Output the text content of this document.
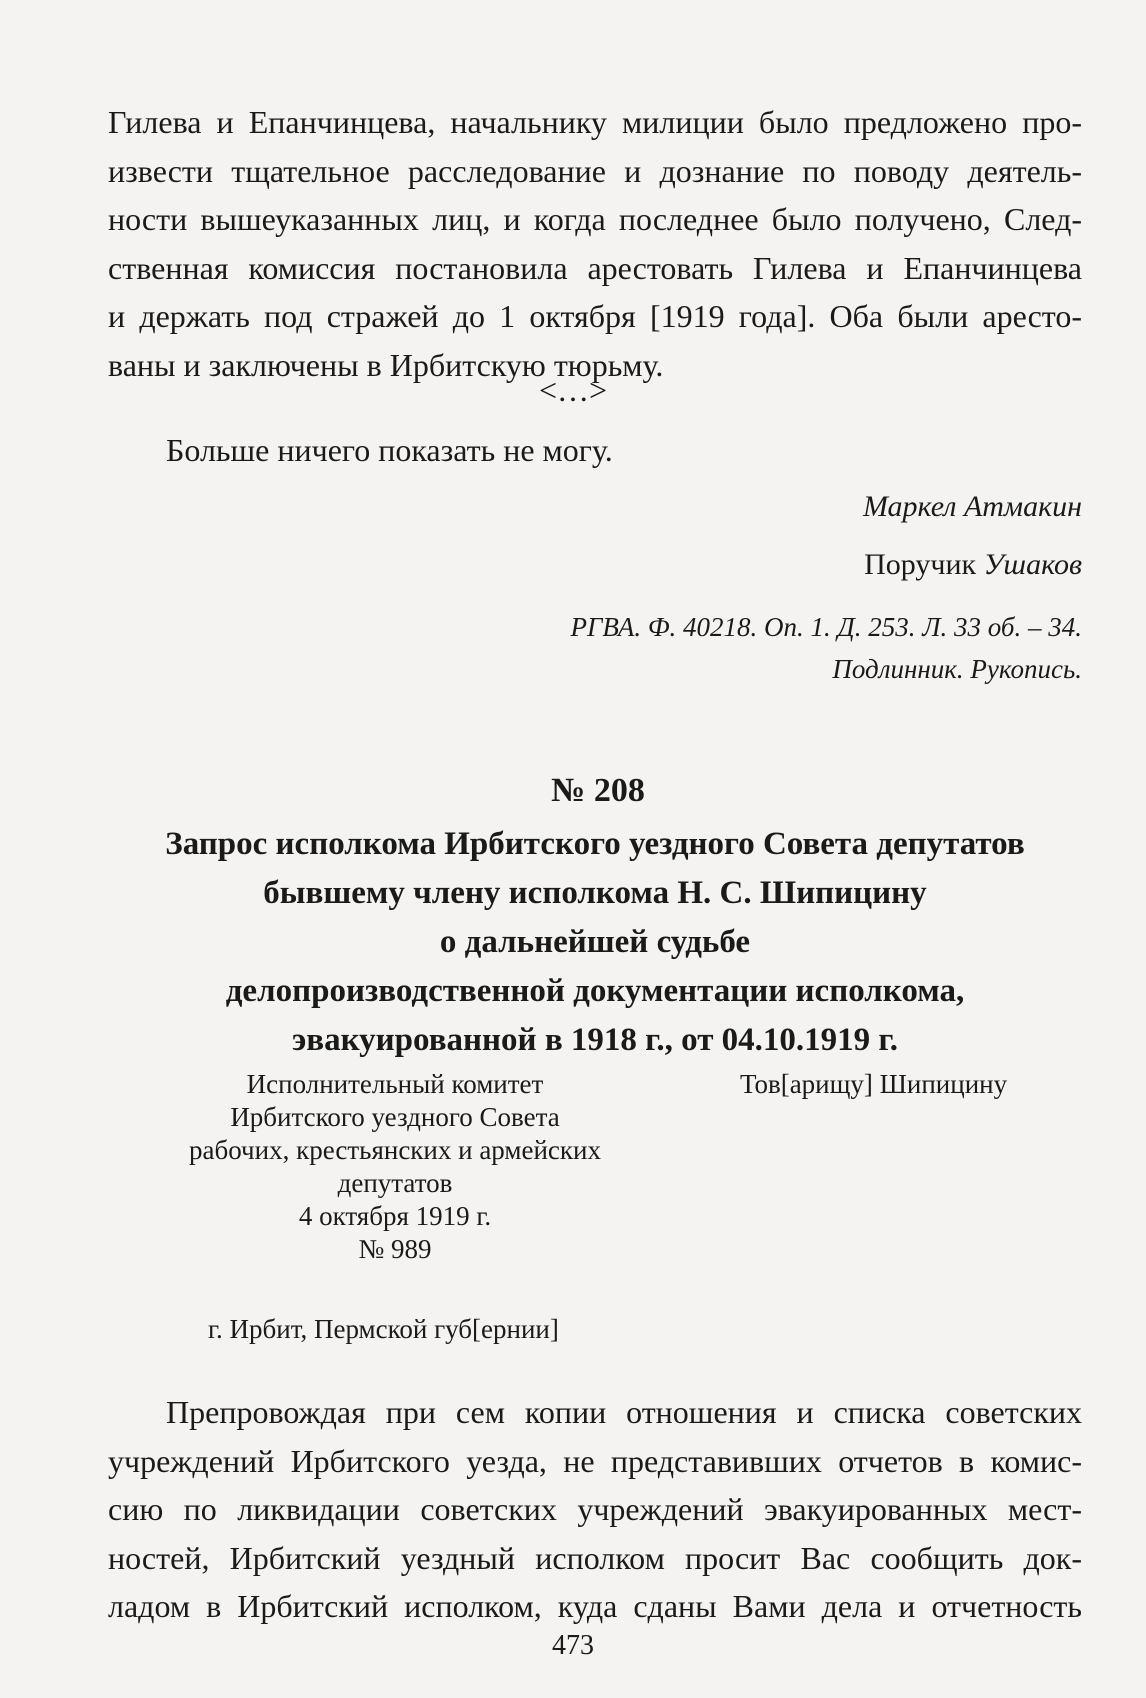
Гилева и Епанчинцева, начальнику милиции было предложено про-
извести тщательное расследование и дознание по поводу деятель-
ности вышеуказанных лиц, и когда последнее было получено, След-
ственная комиссия постановила арестовать Гилева и Епанчинцева
и держать под стражей до 1 октября [1919 года]. Оба были аресто-
ваны и заключены в Ирбитскую тюрьму.
<…>
Больше ничего показать не могу.
Маркел Атмакин
Поручик Ушаков
РГВА. Ф. 40218. Оп. 1. Д. 253. Л. 33 об. – 34.
Подлинник. Рукопись.
№ 208
Запрос исполкома Ирбитского уездного Совета депутатов
бывшему члену исполкома Н. С. Шипицину
о дальнейшей судьбе
делопроизводственной документации исполкома,
эвакуированной в 1918 г., от 04.10.1919 г.
Исполнительный комитет
Ирбитского уездного Совета
рабочих, крестьянских и армейских
депутатов
4 октября 1919 г.
№ 989
Тов[арищу] Шипицину
г. Ирбит, Пермской губ[ернии]
Препровождая при сем копии отношения и списка советских
учреждений Ирбитского уезда, не представивших отчетов в комис-
сию по ликвидации советских учреждений эвакуированных мест-
ностей, Ирбитский уездный исполком просит Вас сообщить док-
ладом в Ирбитский исполком, куда сданы Вами дела и отчетность
473
